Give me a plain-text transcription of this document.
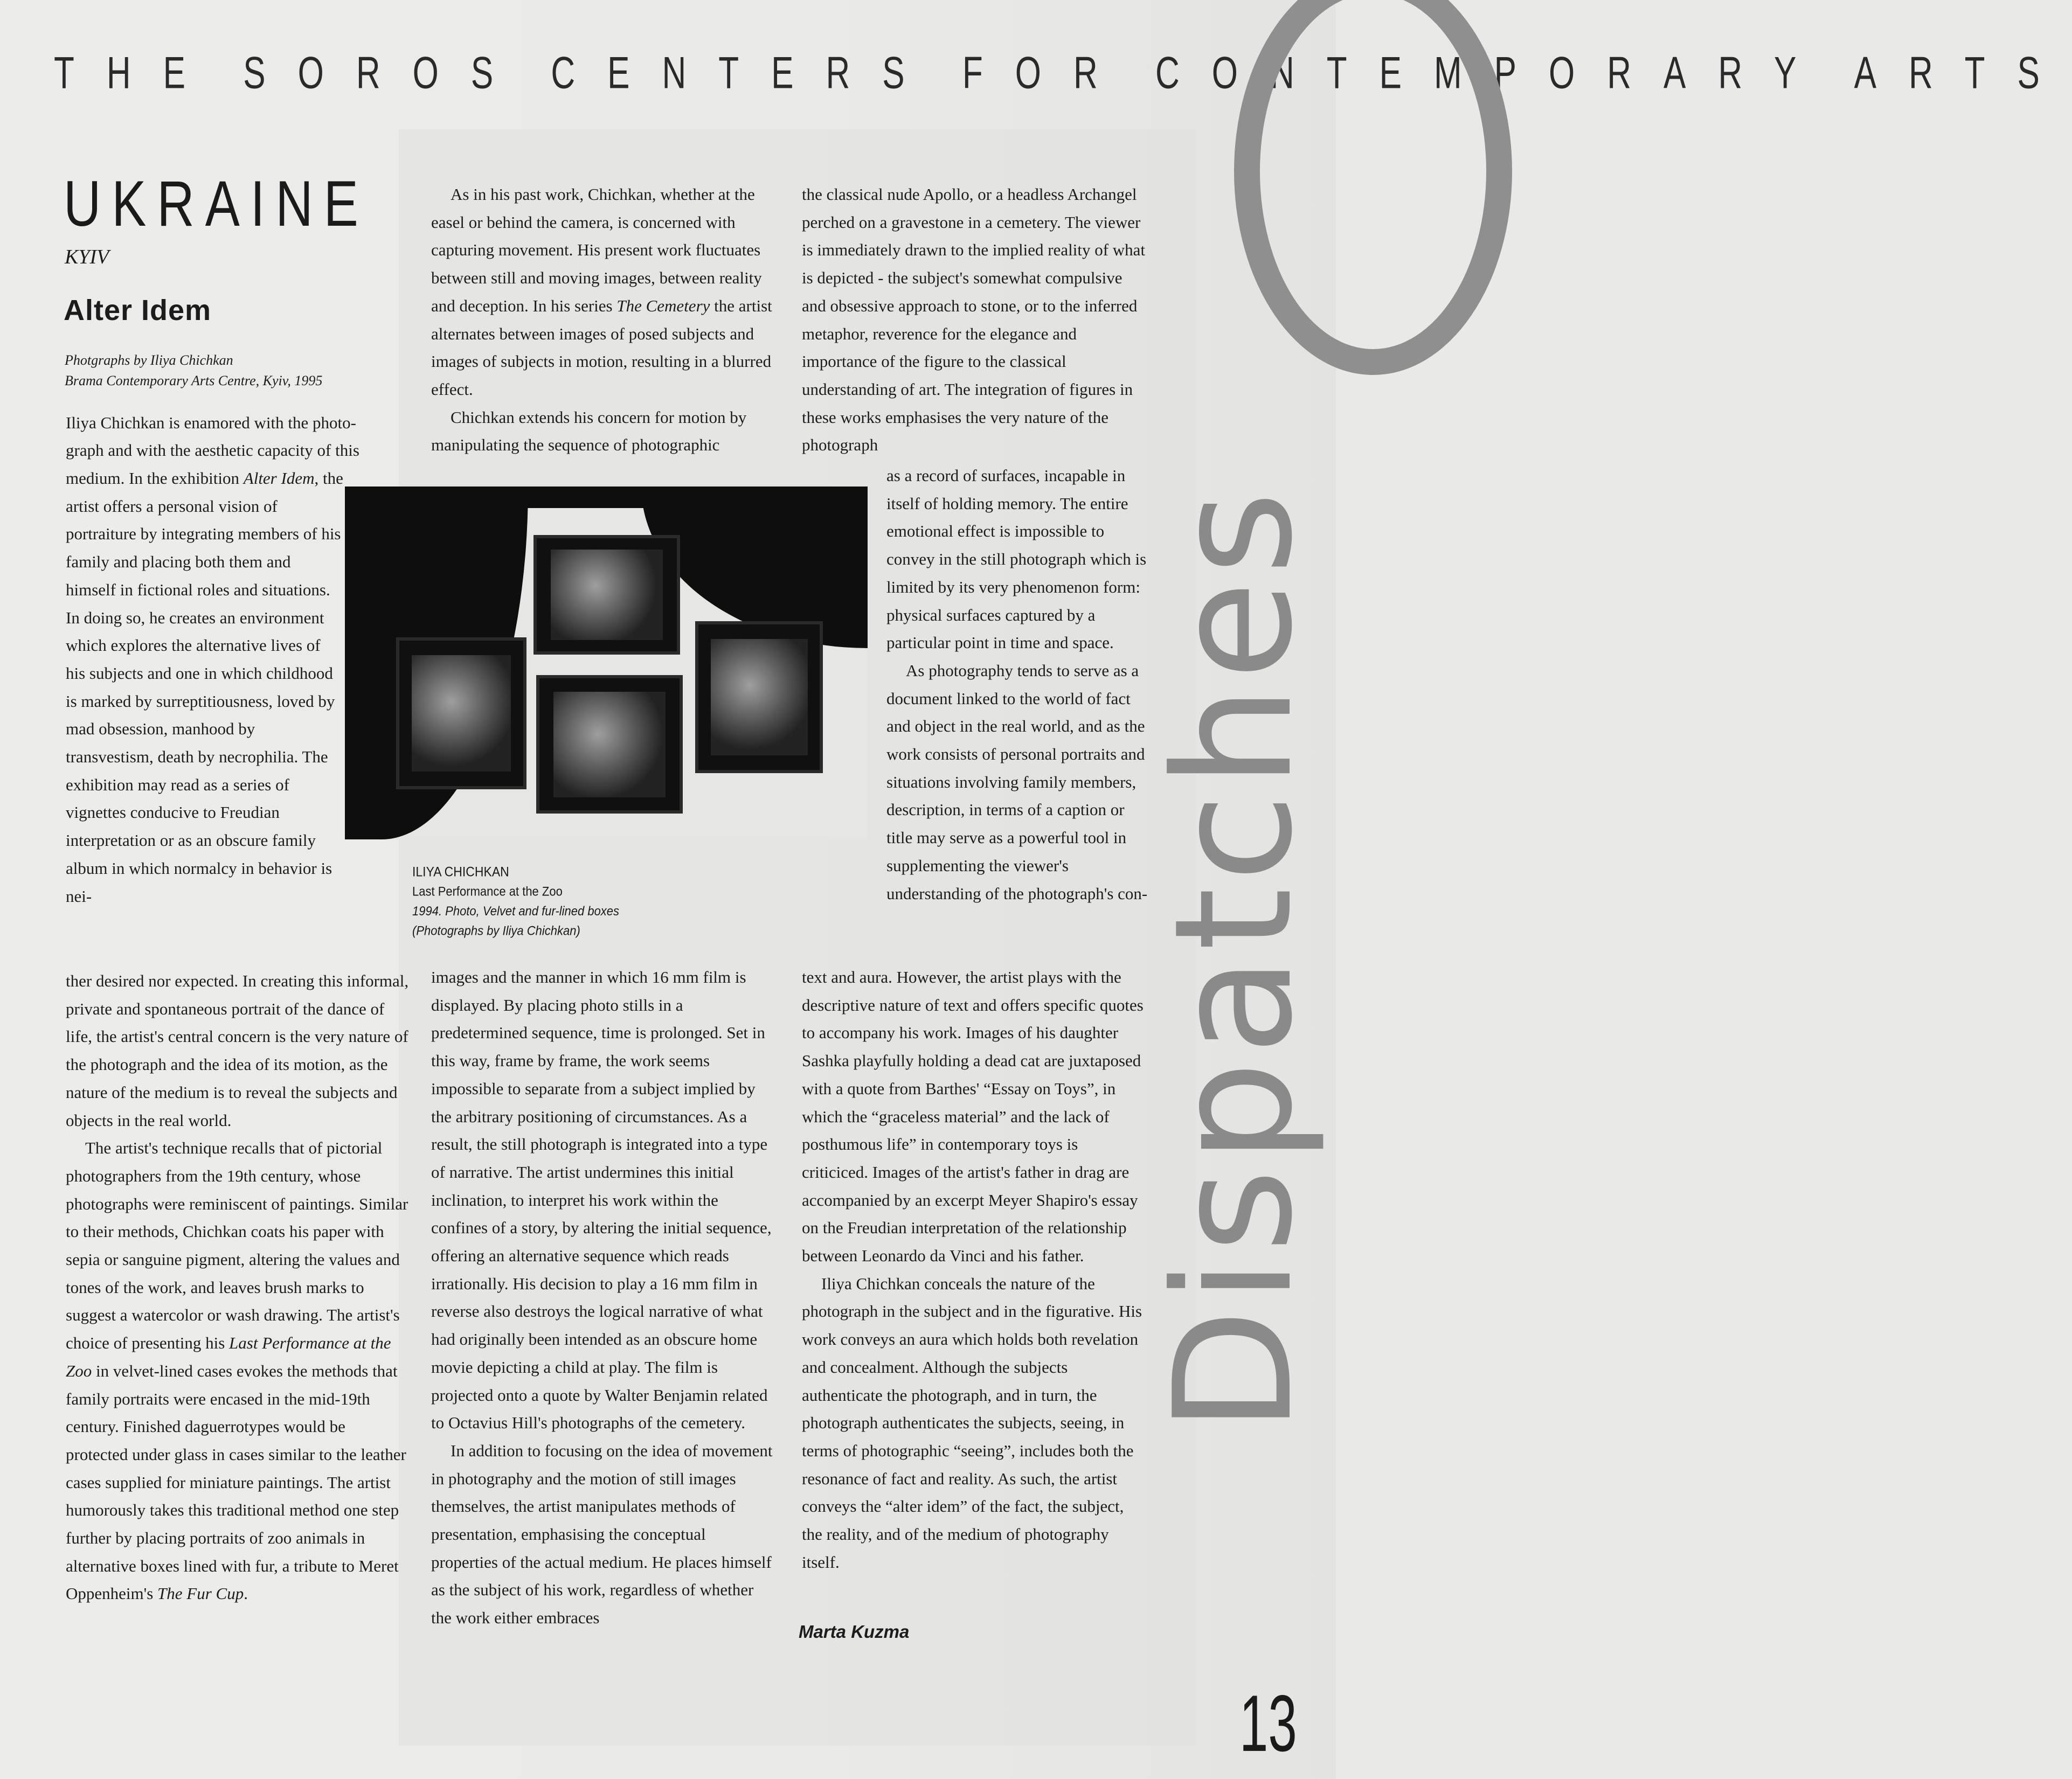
THE SOROS CENTERS FOR CONTEMPORARY ARTS
UKRAINE
KYIV
Alter Idem
Photgraphs by Iliya Chichkan
Brama Contemporary Arts Centre, Kyiv, 1995
Iliya Chichkan is enamored with the photo-
graph and with the aesthetic capacity of this

medium. In the exhibition Alter Idem, the artist offers a personal vision of portraiture by integrating members of his family and placing both them and himself in fictional roles and situations. In doing so, he creates an environment which explores the alternative lives of his subjects and one in which childhood is marked by surreptitiousness, loved by mad obsession, manhood by transvestism, death by necrophilia. The exhibition may read as a series of vignettes conducive to Freudian interpretation or as an obscure family album in which normalcy in behavior is nei-

ther desired nor expected. In creating this informal, private and spontaneous portrait of the dance of life, the artist's central concern is the very nature of the photograph and the idea of its motion, as the nature of the medium is to reveal the subjects and objects in the real world.

The artist's technique recalls that of pictorial photographers from the 19th century, whose photographs were reminiscent of paintings. Similar to their methods, Chichkan coats his paper with sepia or sanguine pigment, altering the values and tones of the work, and leaves brush marks to suggest a watercolor or wash drawing. The artist's choice of presenting his Last Performance at the Zoo in velvet-lined cases evokes the methods that family portraits were encased in the mid-19th century. Finished daguerrotypes would be protected under glass in cases similar to the leather cases supplied for miniature paintings. The artist humorously takes this traditional method one step further by placing portraits of zoo animals in alternative boxes lined with fur, a tribute to Meret Oppenheim's The Fur Cup.

As in his past work, Chichkan, whether at the easel or behind the camera, is concerned with capturing movement. His present work fluctuates between still and moving images, between reality and deception. In his series The Cemetery the artist alternates between images of posed subjects and images of subjects in motion, resulting in a blurred effect.

Chichkan extends his concern for motion by manipulating the sequence of photographic

images and the manner in which 16 mm film is displayed. By placing photo stills in a predetermined sequence, time is prolonged. Set in this way, frame by frame, the work seems impossible to separate from a subject implied by the arbitrary positioning of circumstances. As a result, the still photograph is integrated into a type of narrative. The artist undermines this initial inclination, to interpret his work within the confines of a story, by altering the initial sequence, offering an alternative sequence which reads irrationally. His decision to play a 16 mm film in reverse also destroys the logical narrative of what had originally been intended as an obscure home movie depicting a child at play. The film is projected onto a quote by Walter Benjamin related to Octavius Hill's photographs of the cemetery.

In addition to focusing on the idea of movement in photography and the motion of still images themselves, the artist manipulates methods of presentation, emphasising the conceptual properties of the actual medium. He places himself as the subject of his work, regardless of whether the work either embraces

the classical nude Apollo, or a headless Archangel perched on a gravestone in a cemetery. The viewer is immediately drawn to the implied reality of what is depicted - the subject's somewhat compulsive and obsessive approach to stone, or to the inferred metaphor, reverence for the elegance and importance of the figure to the classical understanding of art. The integration of figures in these works emphasises the very nature of the photograph

as a record of surfaces, incapable in itself of holding memory. The entire emotional effect is impossible to convey in the still photograph which is limited by its very phenomenon form: physical surfaces captured by a particular point in time and space.

As photography tends to serve as a document linked to the world of fact and object in the real world, and as the work consists of personal portraits and situations involving family members, description, in terms of a caption or title may serve as a powerful tool in supplementing the viewer's understanding of the photograph's con-

text and aura. However, the artist plays with the descriptive nature of text and offers specific quotes to accompany his work. Images of his daughter Sashka playfully holding a dead cat are juxtaposed with a quote from Barthes' “Essay on Toys”, in which the “graceless material” and the lack of posthumous life” in contemporary toys is criticiced. Images of the artist's father in drag are accompanied by an excerpt Meyer Shapiro's essay on the Freudian interpretation of the relationship between Leonardo da Vinci and his father.

Iliya Chichkan conceals the nature of the photograph in the subject and in the figurative. His work conveys an aura which holds both revelation and concealment. Although the subjects authenticate the photograph, and in turn, the photograph authenticates the subjects, seeing, in terms of photographic “seeing”, includes both the resonance of fact and reality. As such, the artist conveys the “alter idem” of the fact, the subject, the reality, and of the medium of photography itself.

ILIYA CHICHKAN
Last Performance at the Zoo
1994. Photo, Velvet and fur-lined boxes
(Photographs by Iliya Chichkan)
Marta Kuzma
Dispatches
13
